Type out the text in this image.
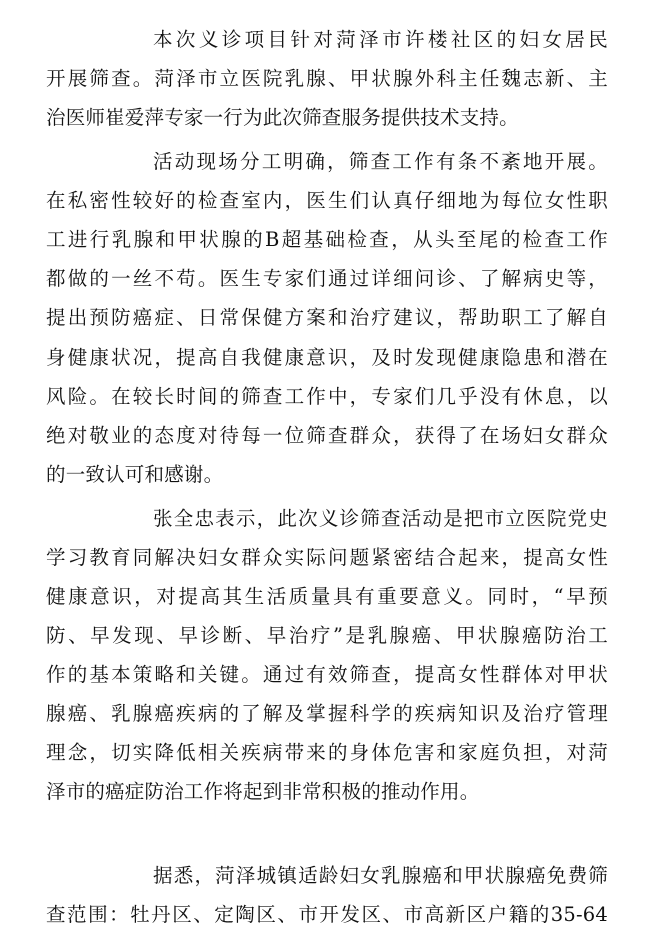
本次义诊项目针对菏泽市许楼社区的妇女居民
开展筛查。菏泽市立医院乳腺、甲状腺外科主任魏志新、主
治医师崔爱萍专家一行为此次筛查服务提供技术支持。
活动现场分工明确，筛查工作有条不紊地开展。
在私密性较好的检查室内，医生们认真仔细地为每位女性职
工进行乳腺和甲状腺的B超基础检查，从头至尾的检查工作
都做的一丝不苟。医生专家们通过详细问诊、了解病史等，
提出预防癌症、日常保健方案和治疗建议，帮助职工了解自
身健康状况，提高自我健康意识，及时发现健康隐患和潜在
风险。在较长时间的筛查工作中，专家们几乎没有休息，以
绝对敬业的态度对待每一位筛查群众，获得了在场妇女群众
的一致认可和感谢。
张全忠表示，此次义诊筛查活动是把市立医院党史
学习教育同解决妇女群众实际问题紧密结合起来，提高女性
健康意识，对提高其生活质量具有重要意义。同时，“早预
防、早发现、早诊断、早治疗”是乳腺癌、甲状腺癌防治工
作的基本策略和关键。通过有效筛查，提高女性群体对甲状
腺癌、乳腺癌疾病的了解及掌握科学的疾病知识及治疗管理
理念，切实降低相关疾病带来的身体危害和家庭负担，对菏
泽市的癌症防治工作将起到非常积极的推动作用。
据悉，菏泽城镇适龄妇女乳腺癌和甲状腺癌免费筛
查范围：牡丹区、定陶区、市开发区、市高新区户籍的35-64
